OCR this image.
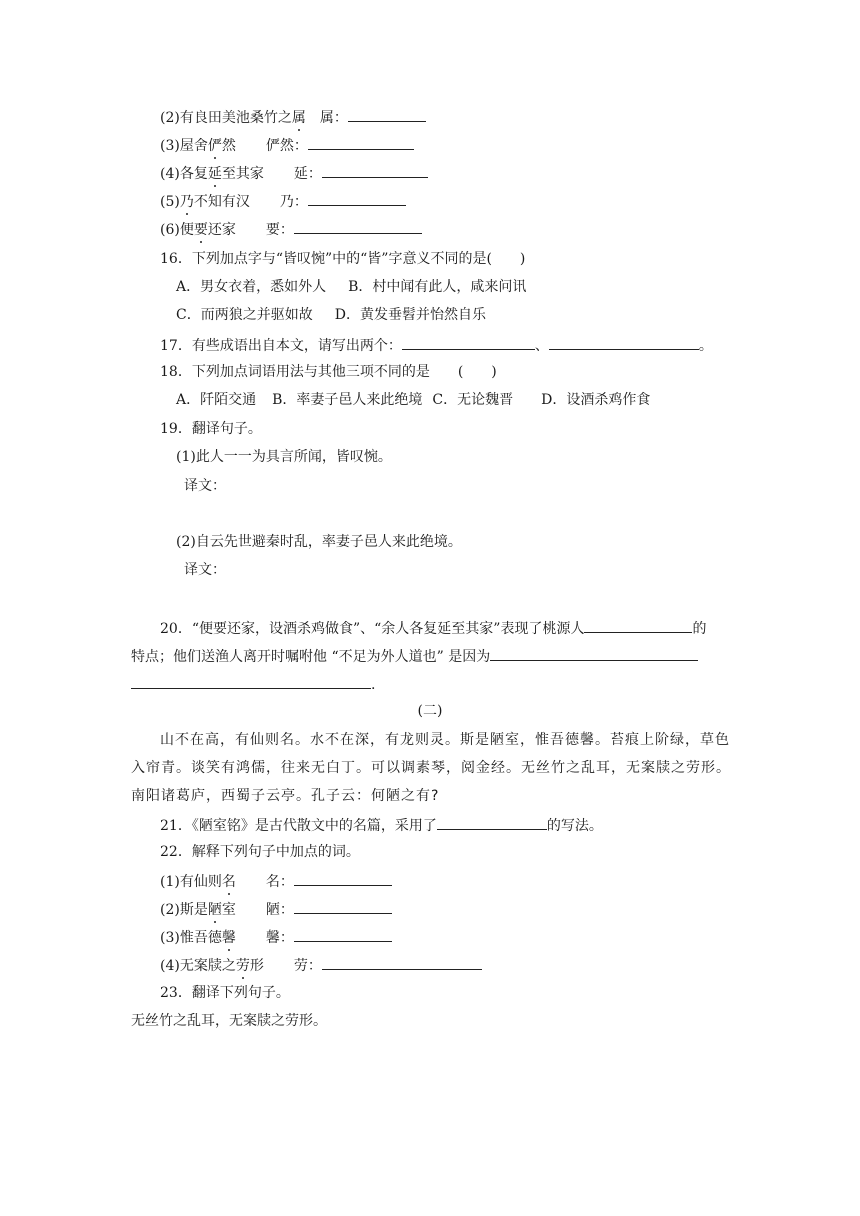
(2)有良田美池桑竹之属 属：
(3)屋舍俨然 俨然：
(4)各复延至其家 延：
(5)乃不知有汉 乃：
(6)便要还家 要：
16．下列加点字与“皆叹惋”中的“皆”字意义不同的是(　　)
A．男女衣着，悉如外人 B．村中闻有此人，咸来问讯
C．而两狼之并驱如故 D．黄发垂髫并怡然自乐
17．有些成语出自本文，请写出两个：	、	。
18．下列加点词语用法与其他三项不同的是　　(　　)
A．阡陌交通 B．率妻子邑人来此绝境 C．无论魏晋 D．设酒杀鸡作食
19．翻译句子。
(1)此人一一为具言所闻，皆叹惋。
译文：
(2)自云先世避秦时乱，率妻子邑人来此绝境。
译文：
20．“便要还家，设酒杀鸡做食”、“余人各复延至其家”表现了桃源人	的
特点；他们送渔人离开时嘱咐他 “不足为外人道也” 是因为
.
(二)
山不在高，有仙则名。水不在深，有龙则灵。斯是陋室，惟吾德馨。苔痕上阶绿，草色
入帘青。谈笑有鸿儒，往来无白丁。可以调素琴，阅金经。无丝竹之乱耳，无案牍之劳形。
南阳诸葛庐，西蜀子云亭。孔子云：何陋之有?
21．《陋室铭》是古代散文中的名篇，采用了	的写法。
22．解释下列句子中加点的词。
(1)有仙则名 名：
(2)斯是陋室 陋：
(3)惟吾德馨 馨：
(4)无案牍之劳形 劳：
23．翻译下列句子。
无丝竹之乱耳，无案牍之劳形。
